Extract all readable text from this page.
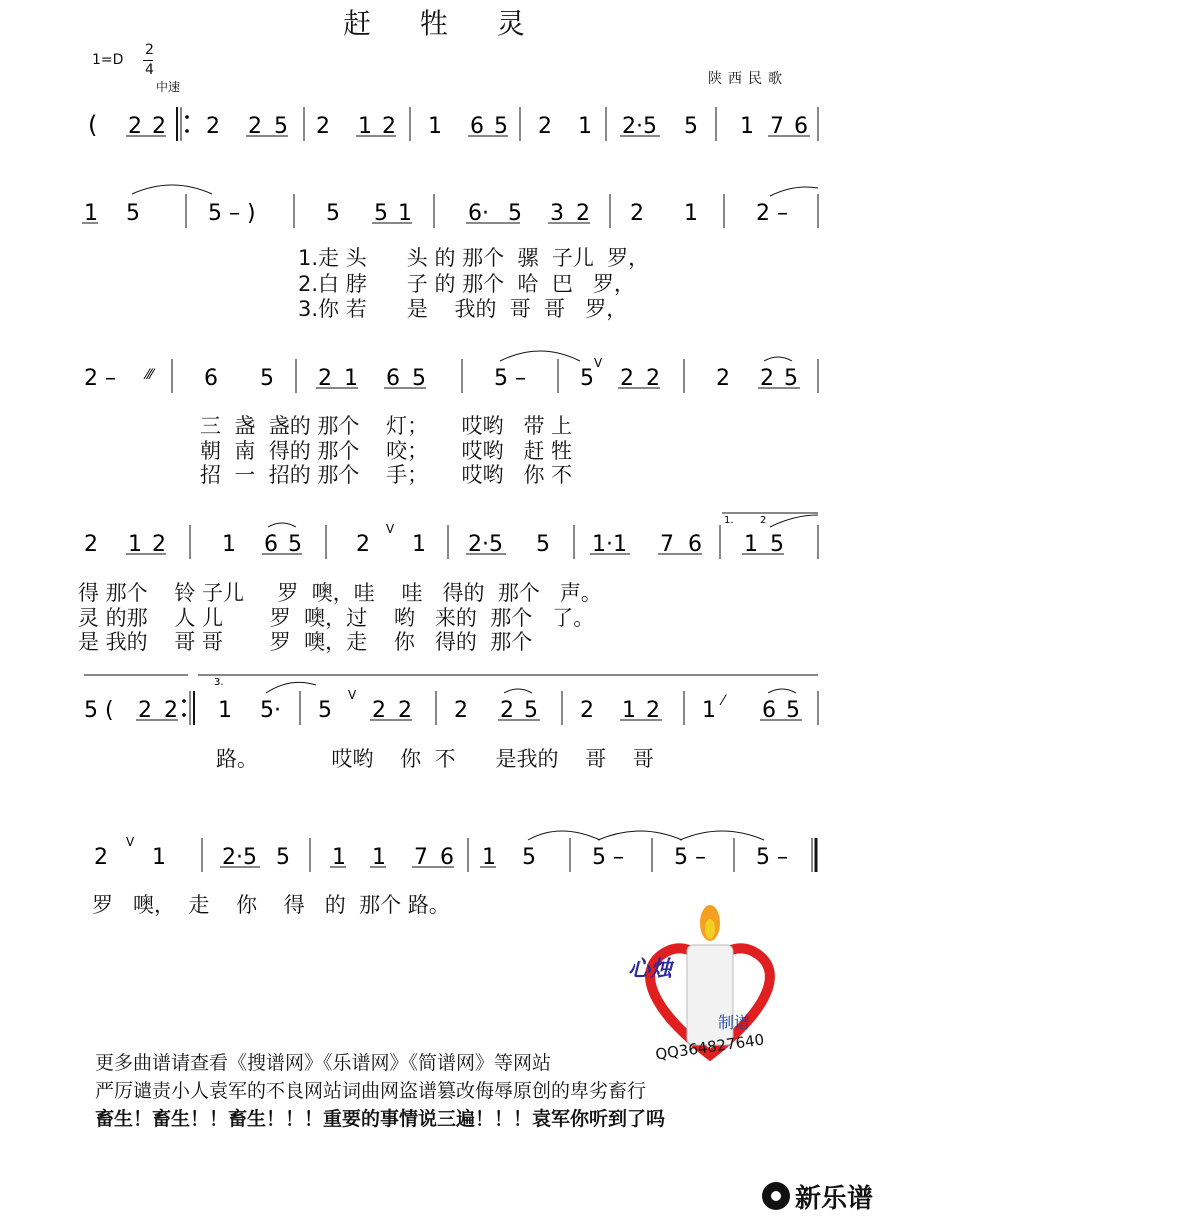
赶 牲 灵
1=D
2
4
中速	陕西民歌
( 2 2 2 2 5 2 1 2 1 6 5 2 1 2·5 5 1 7 6
1 5	5 – )	5 5 1	6· 5 3 2 2 1	2 –
1.走 头      头 的 那个  骡  子儿  罗，
2.白 脖      子 的 那个  哈  巴   罗，
3.你 若      是    我的  哥  哥   罗，
2 – ⁄⁄⁄ 6 5 2 1 6 5	5 – 5
V
2 2	2 2 5
三  盏  盏的 那个    灯；     哎哟   带 上
朝  南  得的 那个    咬；     哎哟   赶 牲
招  一  招的 那个    手；     哎哟   你 不
2 1 2	1 6 5 2
V
1 2·5 5 1·1 7 6 1 5
1.	2
得 那个    铃 子儿     罗  噢，哇    哇   得的  那个   声。
灵 的那    人 儿       罗  噢，过    哟   来的  那个   了。
是 我的    哥 哥       罗  噢，走    你   得的  那个
5 ( 2 2
3.
1 5· 5
V
2 2 2 2 5 2 1 2 1 ⁄ 6 5
路。           哎哟    你  不      是我的    哥    哥
2
V
1	2·5 5 1 1 7 6 1 5	5 – 5 – 5 –
罗   噢，  走    你    得   的  那个 路。
心烛
制谱
QQ364827640
更多曲谱请查看《搜谱网》《乐谱网》《简谱网》等网站
严厉谴责小人袁军的不良网站词曲网盗谱篡改侮辱原创的卑劣畜行
畜生！畜生！！畜生！！！重要的事情说三遍！！！袁军你听到了吗
新乐谱
